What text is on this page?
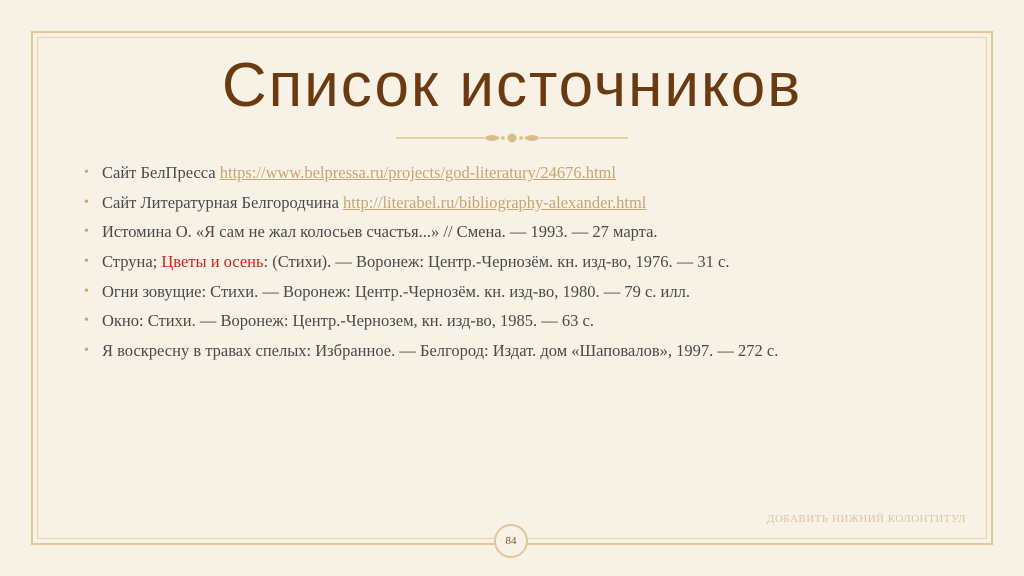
Список источников
• Сайт БелПресса https://www.belpressa.ru/projects/god-literatury/24676.html
• Сайт Литературная Белгородчина http://literabel.ru/bibliography-alexander.html
• Истомина О. «Я сам не жал колосьев счастья...» // Смена. — 1993. — 27 марта.
• Струна; Цветы и осень: (Стихи). — Воронеж: Центр.-Чернозём. кн. изд-во, 1976. — 31 с.
• Огни зовущие: Стихи. — Воронеж: Центр.-Чернозём. кн. изд-во, 1980. — 79 с. илл.
• Окно: Стихи. — Воронеж: Центр.-Чернозем, кн. изд-во, 1985. — 63 с.
• Я воскресну в травах спелых: Избранное. — Белгород: Издат. дом «Шаповалов», 1997. — 272 с.
ДОБАВИТЬ НИЖНИЙ КОЛОНТИТУЛ
84
